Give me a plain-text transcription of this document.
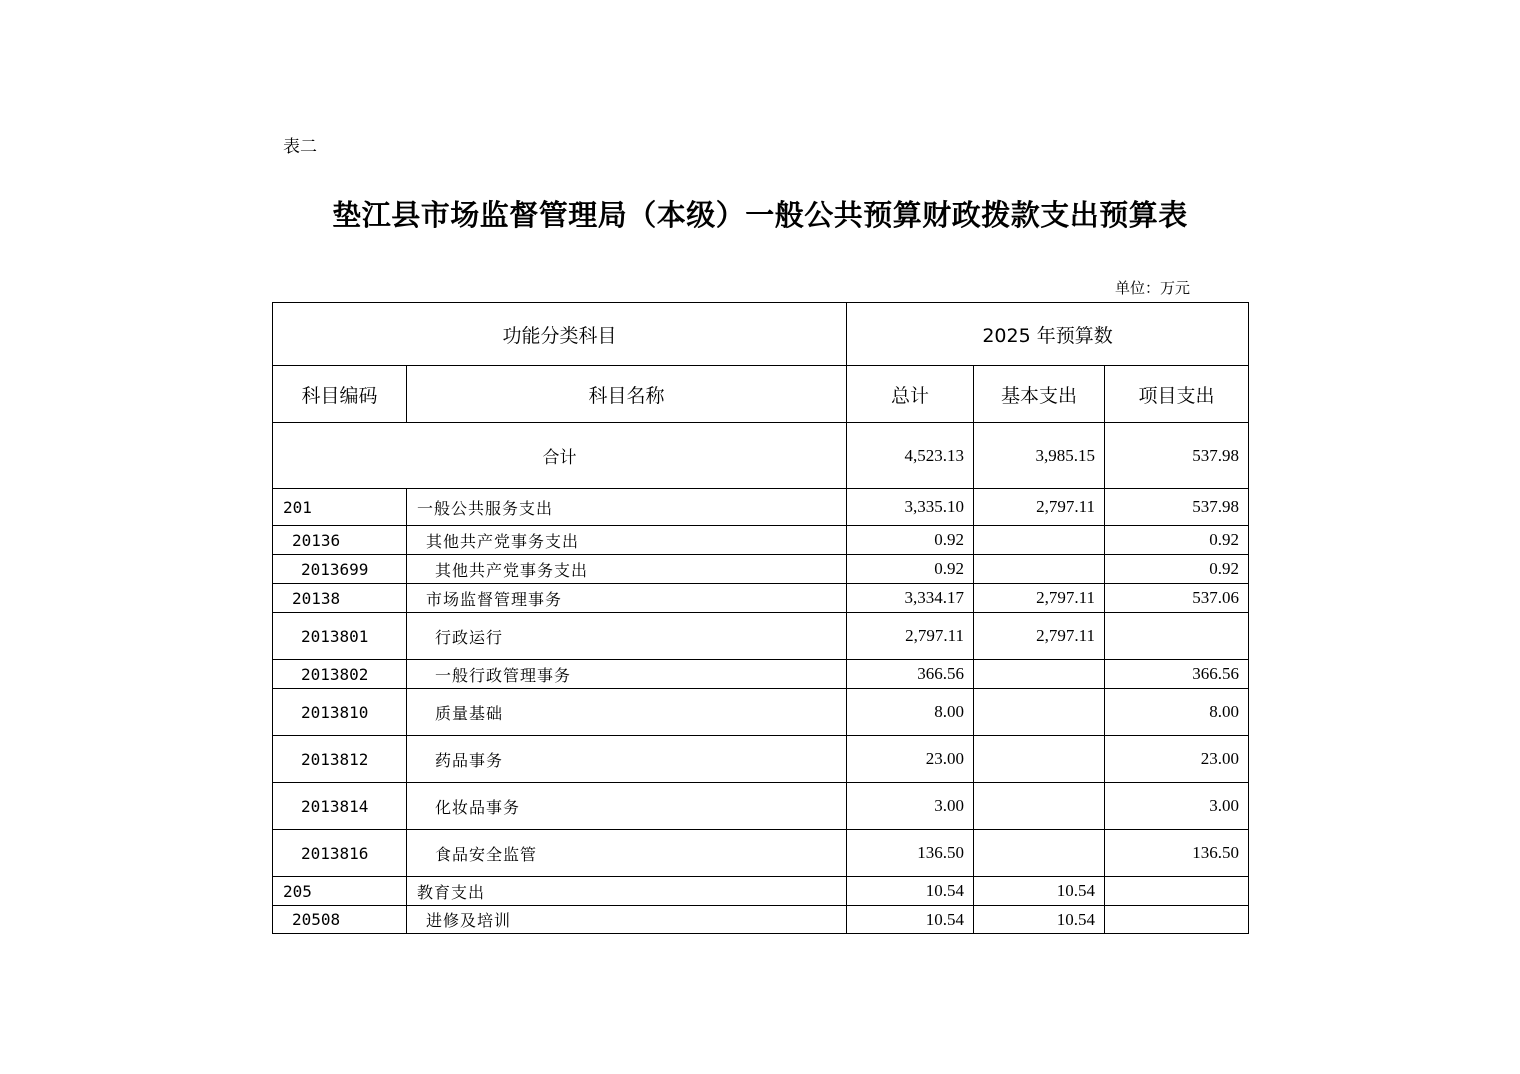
表二
垫江县市场监督管理局（本级）一般公共预算财政拨款支出预算表
单位：万元
功能分类科目		2025 年预算数		
科目编码	科目名称	总计	基本支出	项目支出
合计		4,523.13	3,985.15	537.98
201	一般公共服务支出	3,335.10	2,797.11	537.98
20136	其他共产党事务支出	0.92		0.92
2013699	其他共产党事务支出	0.92		0.92
20138	市场监督管理事务	3,334.17	2,797.11	537.06
2013801	行政运行	2,797.11	2,797.11	
2013802	一般行政管理事务	366.56		366.56
2013810	质量基础	8.00		8.00
2013812	药品事务	23.00		23.00
2013814	化妆品事务	3.00		3.00
2013816	食品安全监管	136.50		136.50
205	教育支出	10.54	10.54	
20508	进修及培训	10.54	10.54	
